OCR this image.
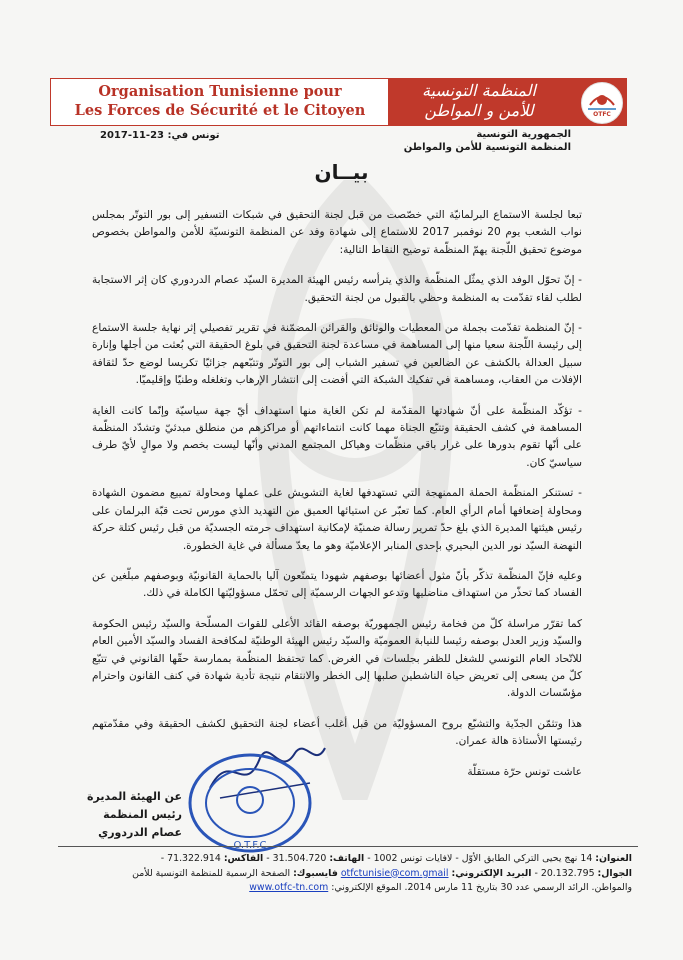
Organisation Tunisienne pour
Les Forces de Sécurité et le Citoyen
المنظمة التونسية
للأمن و المواطن	OTFC
تونس في: 23-11-2017	الجمهورية التونسية
المنظمة التونسية للأمن والمواطن
بيــان

تبعا لجلسة الاستماع البرلمانيّة التي خصّصت من قبل لجنة التحقيق في شبكات التسفير إلى بور التوتّر بمجلس نواب الشعب يوم 20 نوفمبر 2017 للاستماع إلى شهادة وفد عن المنظمة التونسيّة للأمن والمواطن بخصوص موضوع تحقيق اللّجنة يهمّ المنظّمة توضيح النقاط التالية:

- إنّ تحوّل الوفد الذي يمثّل المنظّمة والذي يترأسه رئيس الهيئة المديرة السيّد عصام الدردوري كان إثر الاستجابة لطلب لقاء تقدّمت به المنظمة وحظي بالقبول من لجنة التحقيق.

- إنّ المنظمة تقدّمت بجملة من المعطيات والوثائق والقرائن المضمّنة في تقرير تفصيلي إثر نهاية جلسة الاستماع إلى رئيسة اللّجنة سعيا منها إلى المساهمة في مساعدة لجنة التحقيق في بلوغ الحقيقة التي بُعثت من أجلها وإنارة سبيل العدالة بالكشف عن الضالعين في تسفير الشباب إلى بور التوتّر وتتبّعهم جزائيّا تكريسا لوضع حدّ لثقافة الإفلات من العقاب، ومساهمة في تفكيك الشبكة التي أفضت إلى انتشار الإرهاب وتغلغله وطنيّا وإقليميّا.

- تؤكّد المنظّمة على أنّ شهادتها المقدّمة لم تكن الغاية منها استهداف أيّ جهة سياسيّة وإنّما كانت الغاية المساهمة في كشف الحقيقة وتتبّع الجناة مهما كانت انتماءاتهم أو مراكزهم من منطلق مبدئيّ وتشدّد المنظّمة على أنّها تقوم بدورها على غرار باقي منظّمات وهياكل المجتمع المدني وأنّها ليست بخصم ولا موالٍ لأيّ طرف سياسيّ كان.

- تستنكر المنظّمة الحملة الممنهجة التي تستهدفها لغاية التشويش على عملها ومحاولة تمييع مضمون الشهادة ومحاولة إضعافها أمام الرأي العام. كما تعبّر عن استيائها العميق من التهديد الذي مورس تحت قبّة البرلمان على رئيس هيئتها المديرة الذي بلغ حدّ تمرير رسالة ضمنيّة لإمكانية استهداف حرمته الجسديّة من قبل رئيس كتلة حركة النهضة السيّد نور الدين البحيري بإحدى المنابر الإعلاميّة وهو ما يعدّ مسألة في غاية الخطورة.

وعليه فإنّ المنظّمة تذكّر بأنّ مثول أعضائها بوصفهم شهودا يتمتّعون آليا بالحماية القانونيّة وبوصفهم مبلّغين عن الفساد كما تحذّر من استهداف مناضليها وتدعو الجهات الرسميّة إلى تحمّل مسؤوليّتها الكاملة في ذلك.

كما تقرّر مراسلة كلّ من فخامة رئيس الجمهوريّة بوصفه القائد الأعلى للقوات المسلّحة والسيّد رئيس الحكومة والسيّد وزير العدل بوصفه رئيسا للنيابة العموميّة والسيّد رئيس الهيئة الوطنيّة لمكافحة الفساد والسيّد الأمين العام للاتّحاد العام التونسي للشغل للظفر بجلسات في الغرض. كما تحتفظ المنظّمة بممارسة حقّها القانوني في تتبّع كلّ من يسعى إلى تعريض حياة الناشطين صلبها إلى الخطر والانتقام نتيجة تأدية شهادة في كنف القانون واحترام مؤسّسات الدولة.

هذا وتثمّن الجدّية والتشبّع بروح المسؤوليّة من قبل أغلب أعضاء لجنة التحقيق لكشف الحقيقة وفي مقدّمتهم رئيستها الأستاذة هالة عمران.

عاشت تونس حرّة مستقلّة

O.T.F.C
عن الهيئة المديرة
رئيس المنظمة
عصام الدردوري
العنوان: 14 نهج يحيى التركي الطابق الأوّل - لافايات تونس 1002 - الهاتف: 31.504.720 - الفاكس: 71.322.914 -
الجوال: 20.132.795 - البريد الإلكتروني: otfctunisie@com.gmail فايسبوك: الصفحة الرسمية للمنظمة التونسية للأمن
والمواطن. الرائد الرسمي عدد 30 بتاريخ 11 مارس 2014. الموقع الإلكتروني: www.otfc-tn.com
